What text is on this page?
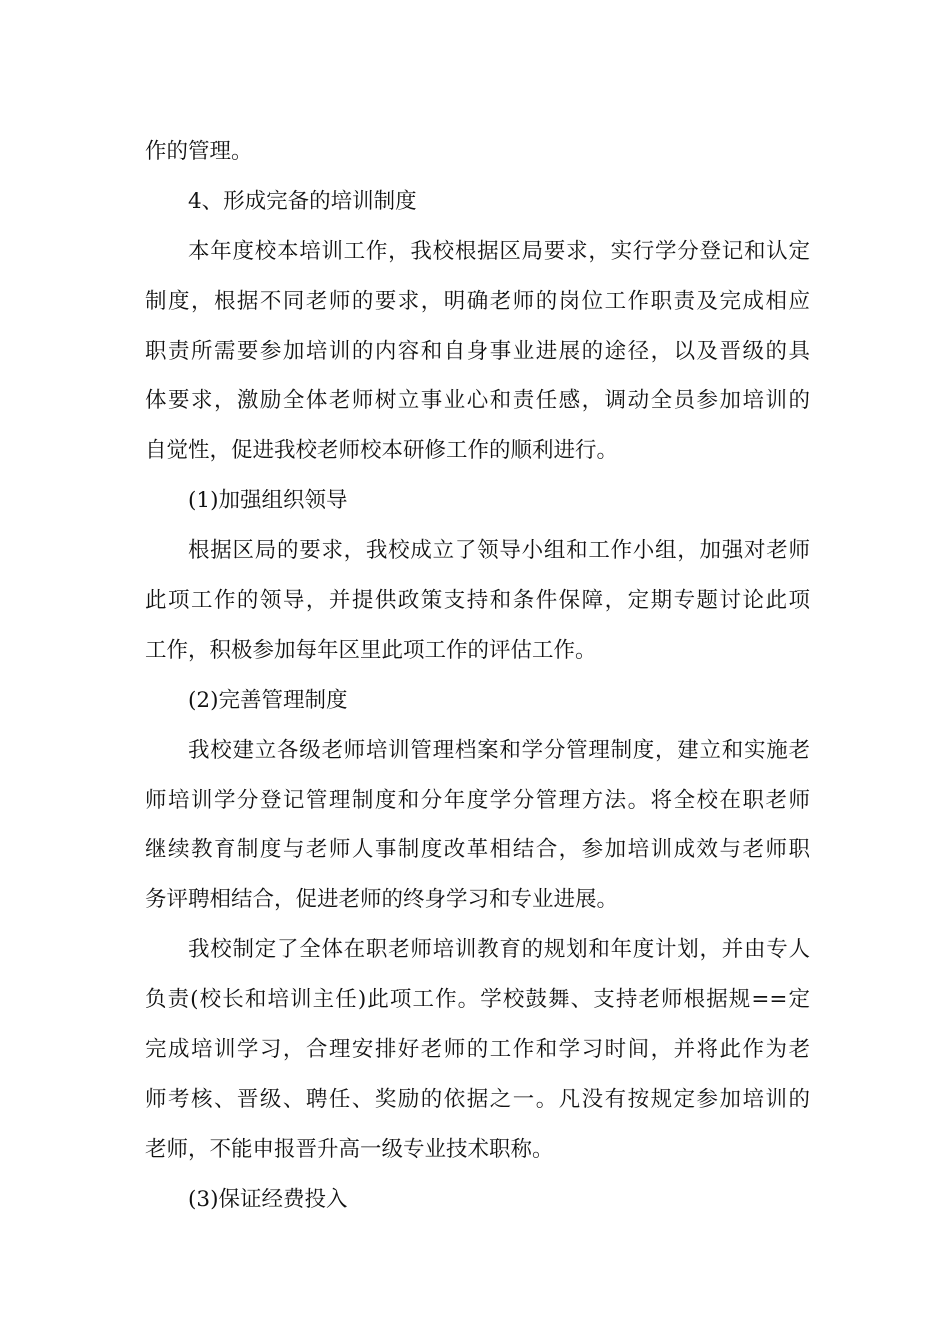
作的管理。
4、形成完备的培训制度
本年度校本培训工作，我校根据区局要求，实行学分登记和认定
制度，根据不同老师的要求，明确老师的岗位工作职责及完成相应
职责所需要参加培训的内容和自身事业进展的途径，以及晋级的具
体要求，激励全体老师树立事业心和责任感，调动全员参加培训的
自觉性，促进我校老师校本研修工作的顺利进行。
(1)加强组织领导
根据区局的要求，我校成立了领导小组和工作小组，加强对老师
此项工作的领导，并提供政策支持和条件保障，定期专题讨论此项
工作，积极参加每年区里此项工作的评估工作。
(2)完善管理制度
我校建立各级老师培训管理档案和学分管理制度，建立和实施老
师培训学分登记管理制度和分年度学分管理方法。将全校在职老师
继续教育制度与老师人事制度改革相结合，参加培训成效与老师职
务评聘相结合，促进老师的终身学习和专业进展。
我校制定了全体在职老师培训教育的规划和年度计划，并由专人
负责(校长和培训主任)此项工作。学校鼓舞、支持老师根据规==定
完成培训学习，合理安排好老师的工作和学习时间，并将此作为老
师考核、晋级、聘任、奖励的依据之一。凡没有按规定参加培训的
老师，不能申报晋升高一级专业技术职称。
(3)保证经费投入
